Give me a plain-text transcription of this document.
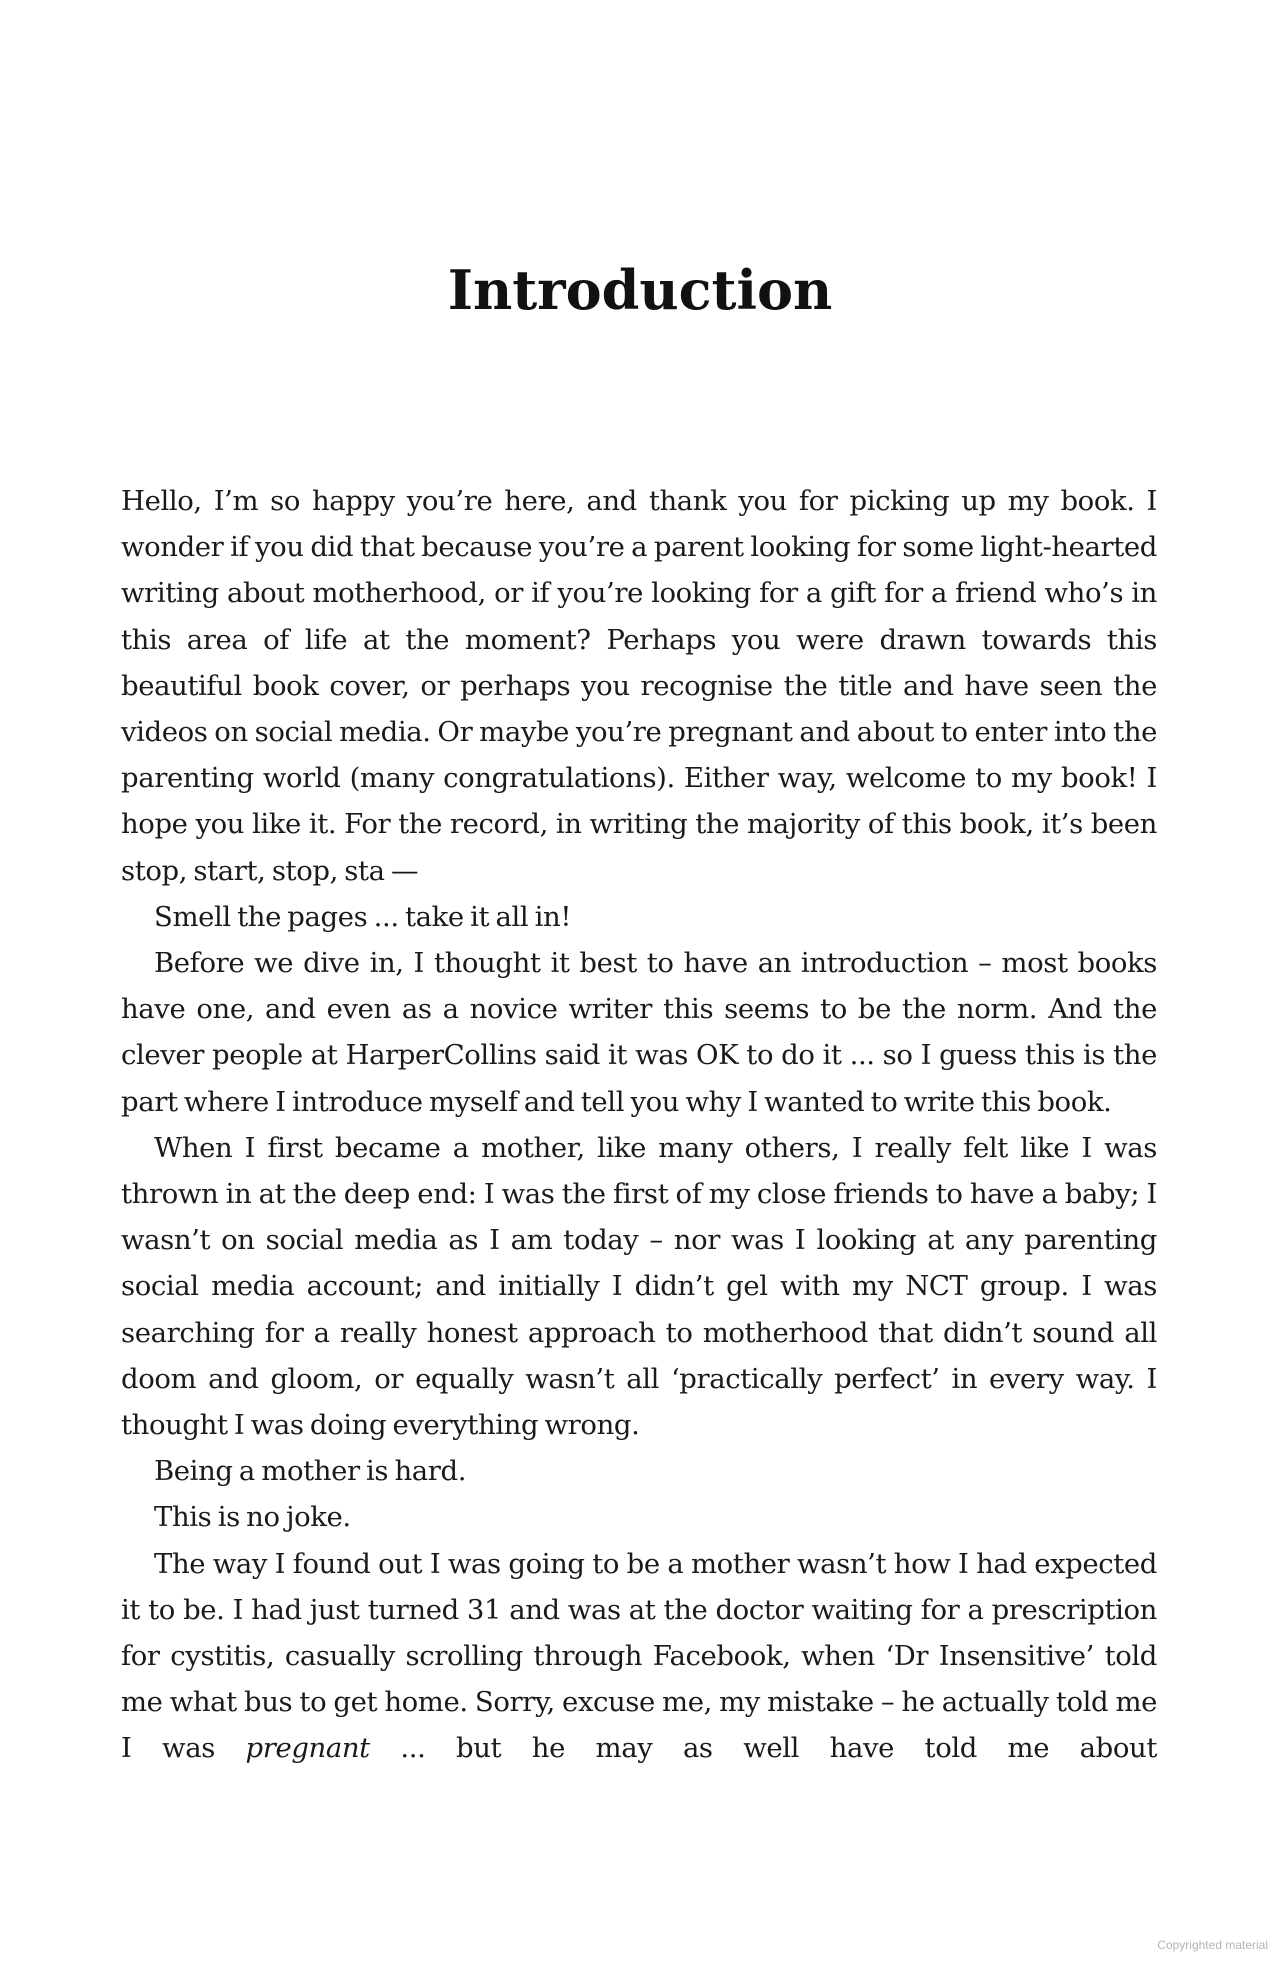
Introduction

Hello, I’m so happy you’re here, and thank you for picking up my book. I wonder if you did that because you’re a parent looking for some light-hearted writing about motherhood, or if you’re looking for a gift for a friend who’s in this area of life at the moment? Perhaps you were drawn towards this beautiful book cover, or perhaps you recognise the title and have seen the videos on social media. Or maybe you’re pregnant and about to enter into the parenting world (many congratulations). Either way, welcome to my book! I hope you like it. For the record, in writing the majority of this book, it’s been stop, start, stop, sta —

Smell the pages ... take it all in!

Before we dive in, I thought it best to have an introduction – most books have one, and even as a novice writer this seems to be the norm. And the clever people at HarperCollins said it was OK to do it ... so I guess this is the part where I introduce myself and tell you why I wanted to write this book.

When I first became a mother, like many others, I really felt like I was thrown in at the deep end: I was the first of my close friends to have a baby; I wasn’t on social media as I am today – nor was I looking at any parenting social media account; and initially I didn’t gel with my NCT group. I was searching for a really honest approach to motherhood that didn’t sound all doom and gloom, or equally wasn’t all ‘practically perfect’ in every way. I thought I was doing everything wrong.

Being a mother is hard.

This is no joke.

The way I found out I was going to be a mother wasn’t how I had expected it to be. I had just turned 31 and was at the doctor waiting for a prescription for cystitis, casually scrolling through Facebook, when ‘Dr Insensitive’ told me what bus to get home. Sorry, excuse me, my mistake – he actually told me I was pregnant ... but he may as well have told me about

Copyrighted material
